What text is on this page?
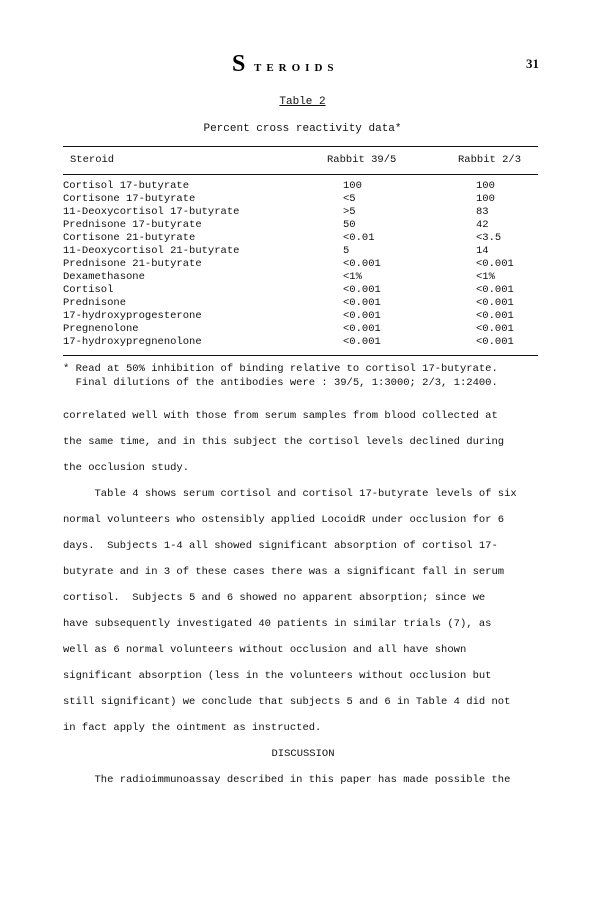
S TEROIDS	31
Table 2
Percent cross reactivity data*
Steroid	Rabbit 39/5	Rabbit 2/3
Cortisol 17-butyrate	100	100
Cortisone 17-butyrate	<5	100
11-Deoxycortisol 17-butyrate	>5	83
Prednisone 17-butyrate	50	42
Cortisone 21-butyrate	<0.01	<3.5
11-Deoxycortisol 21-butyrate	5	14
Prednisone 21-butyrate	<0.001	<0.001
Dexamethasone	<1%	<1%
Cortisol	<0.001	<0.001
Prednisone	<0.001	<0.001
17-hydroxyprogesterone	<0.001	<0.001
Pregnenolone	<0.001	<0.001
17-hydroxypregnenolone	<0.001	<0.001
* Read at 50% inhibition of binding relative to cortisol 17-butyrate.
Final dilutions of the antibodies were : 39/5, 1:3000; 2/3, 1:2400.

correlated well with those from serum samples from blood collected at

the same time, and in this subject the cortisol levels declined during

the occlusion study.

Table 4 shows serum cortisol and cortisol 17-butyrate levels of six

normal volunteers who ostensibly applied LocoidR under occlusion for 6

days.  Subjects 1-4 all showed significant absorption of cortisol 17-

butyrate and in 3 of these cases there was a significant fall in serum

cortisol.  Subjects 5 and 6 showed no apparent absorption; since we

have subsequently investigated 40 patients in similar trials (7), as

well as 6 normal volunteers without occlusion and all have shown

significant absorption (less in the volunteers without occlusion but

still significant) we conclude that subjects 5 and 6 in Table 4 did not

in fact apply the ointment as instructed.

DISCUSSION

The radioimmunoassay described in this paper has made possible the
